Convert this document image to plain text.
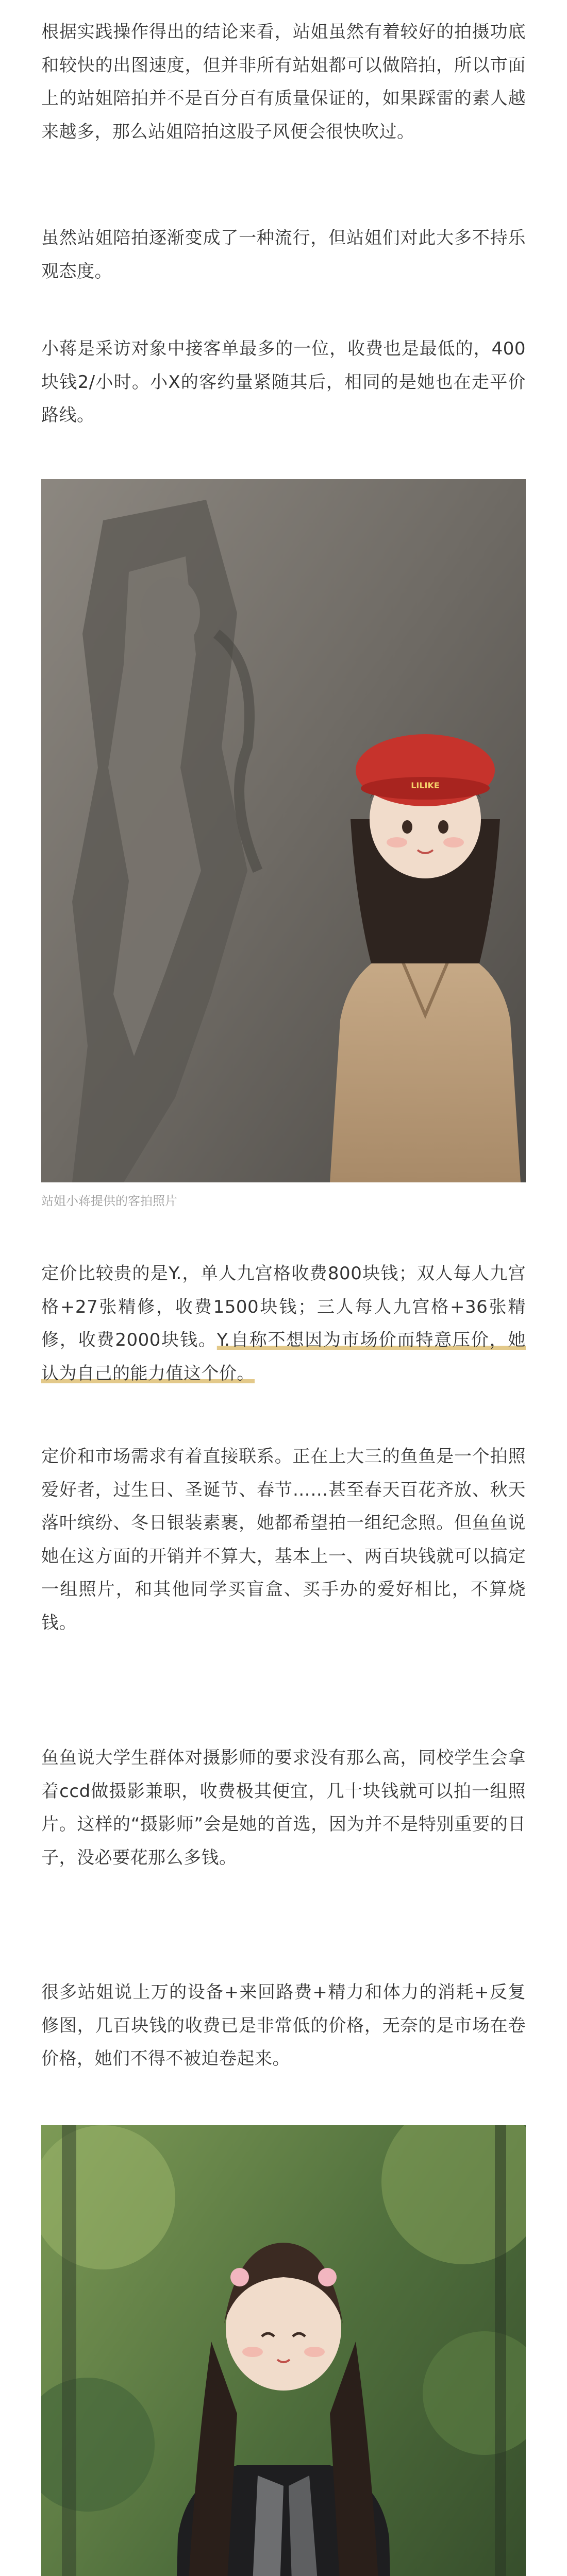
根据实践操作得出的结论来看，站姐虽然有着较好的拍摄功底和较快的出图速度，但并非所有站姐都可以做陪拍，所以市面上的站姐陪拍并不是百分百有质量保证的，如果踩雷的素人越来越多，那么站姐陪拍这股子风便会很快吹过。

虽然站姐陪拍逐渐变成了一种流行，但站姐们对此大多不持乐观态度。

小蒋是采访对象中接客单最多的一位，收费也是最低的，400块钱2/小时。小X的客约量紧随其后，相同的是她也在走平价路线。

LILIKE
站姐小蒋提供的客拍照片

定价比较贵的是Y.，单人九宫格收费800块钱；双人每人九宫格+27张精修，收费1500块钱；三人每人九宫格+36张精修，收费2000块钱。Y.自称不想因为市场价而特意压价，她认为自己的能力值这个价。

定价和市场需求有着直接联系。正在上大三的鱼鱼是一个拍照爱好者，过生日、圣诞节、春节……甚至春天百花齐放、秋天落叶缤纷、冬日银装素裹，她都希望拍一组纪念照。但鱼鱼说她在这方面的开销并不算大，基本上一、两百块钱就可以搞定一组照片，和其他同学买盲盒、买手办的爱好相比，不算烧钱。

鱼鱼说大学生群体对摄影师的要求没有那么高，同校学生会拿着ccd做摄影兼职，收费极其便宜，几十块钱就可以拍一组照片。这样的“摄影师”会是她的首选，因为并不是特别重要的日子，没必要花那么多钱。

很多站姐说上万的设备+来回路费+精力和体力的消耗+反复修图，几百块钱的收费已是非常低的价格，无奈的是市场在卷价格，她们不得不被迫卷起来。
